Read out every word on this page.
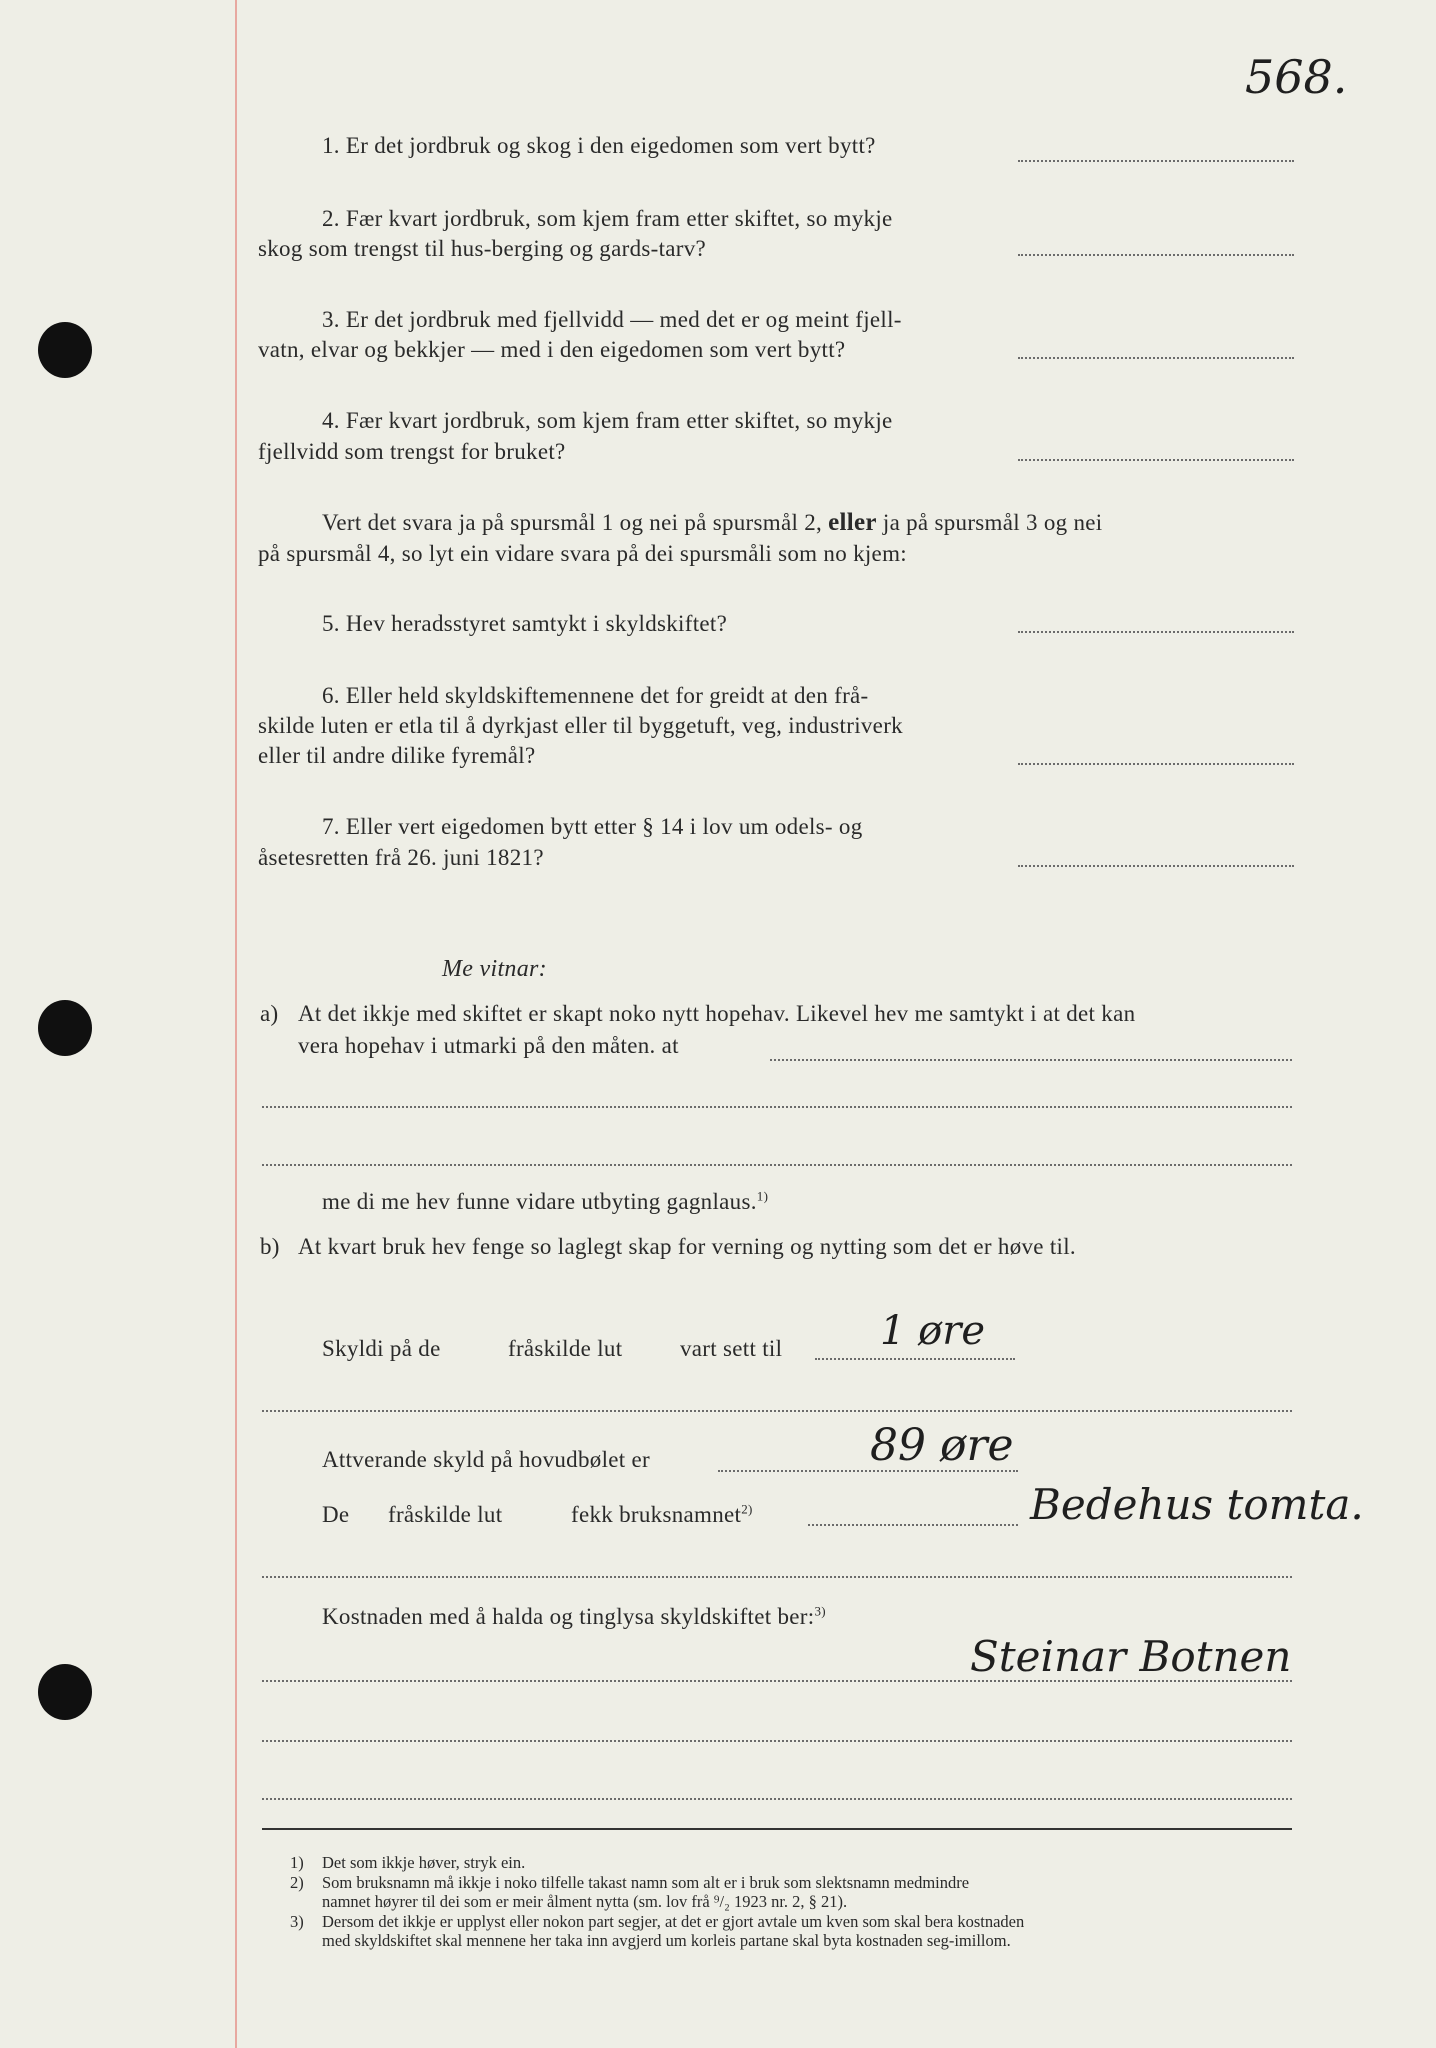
568.
1. Er det jordbruk og skog i den eigedomen som vert bytt?
2. Fær kvart jordbruk, som kjem fram etter skiftet, so mykje
skog som trengst til hus-berging og gards-tarv?
3. Er det jordbruk med fjellvidd — med det er og meint fjell-
vatn, elvar og bekkjer — med i den eigedomen som vert bytt?
4. Fær kvart jordbruk, som kjem fram etter skiftet, so mykje
fjellvidd som trengst for bruket?
Vert det svara ja på spursmål 1 og nei på spursmål 2, eller ja på spursmål 3 og nei
på spursmål 4, so lyt ein vidare svara på dei spursmåli som no kjem:
5. Hev heradsstyret samtykt i skyldskiftet?
6. Eller held skyldskiftemennene det for greidt at den frå-
skilde luten er etla til å dyrkjast eller til byggetuft, veg, industriverk
eller til andre dilike fyremål?
7. Eller vert eigedomen bytt etter § 14 i lov um odels- og
åsetesretten frå 26. juni 1821?
Me vitnar:
a) At det ikkje med skiftet er skapt noko nytt hopehav. Likevel hev me samtykt i at det kan
vera hopehav i utmarki på den måten. at
me di me hev funne vidare utbyting gagnlaus.$^{1)}$
b) At kvart bruk hev fenge so laglegt skap for verning og nytting som det er høve til.
Skyldi på de	fråskilde lut	vart sett til 1 øre
Attverande skyld på hovudbølet er	89 øre
De fråskilde lut	fekk bruksnamnet$^{2)}$	Bedehus tomta.
Kostnaden med å halda og tinglysa skyldskiftet ber:$^{3)}$
Steinar Botnen
1) Det som ikkje høver, stryk ein.
2) Som bruksnamn må ikkje i noko tilfelle takast namn som alt er i bruk som slektsnamn medmindre
namnet høyrer til dei som er meir ålment nytta (sm. lov frå ⁹/₂ 1923 nr. 2, § 21).
3) Dersom det ikkje er upplyst eller nokon part segjer, at det er gjort avtale um kven som skal bera kostnaden
med skyldskiftet skal mennene her taka inn avgjerd um korleis partane skal byta kostnaden seg-imillom.
